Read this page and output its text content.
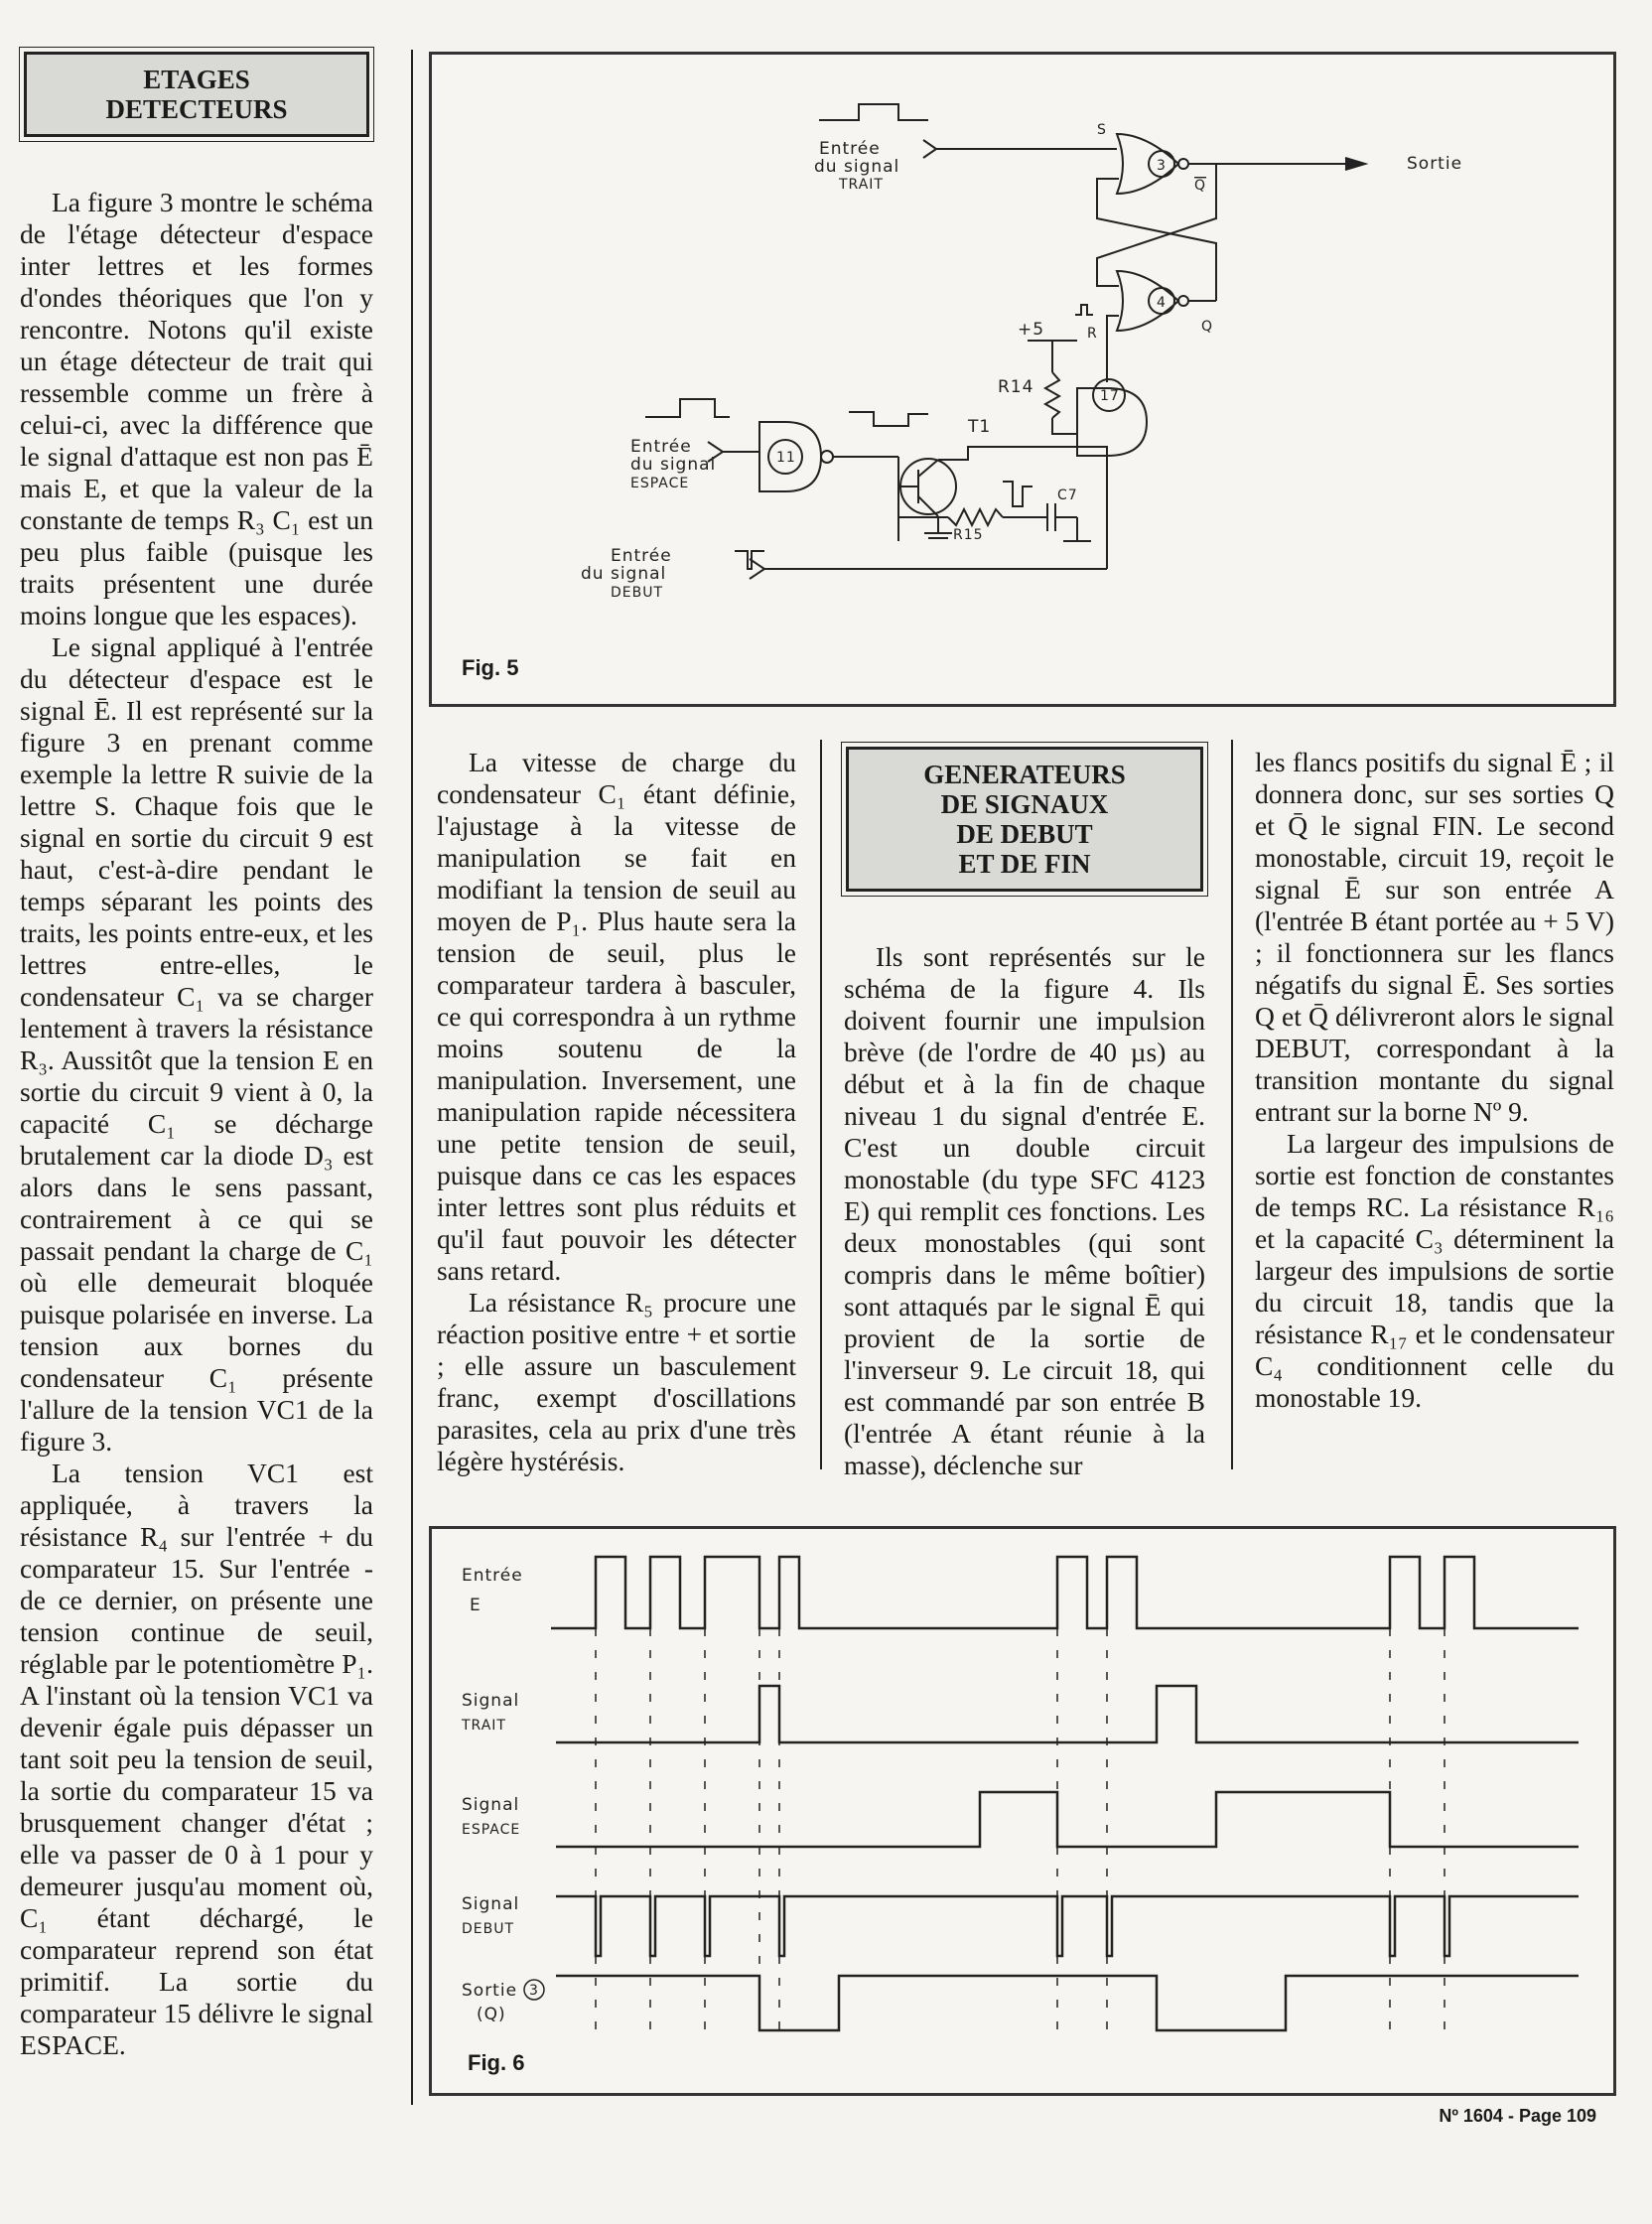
ETAGES
DETECTEURS

La figure 3 montre le schéma de l'étage détecteur d'espace inter lettres et les formes d'ondes théoriques que l'on y rencontre. Notons qu'il existe un étage détecteur de trait qui ressemble comme un frère à celui-ci, avec la différence que le signal d'attaque est non pas Ē mais E, et que la valeur de la constante de temps R₃ C₁ est un peu plus faible (puisque les traits présentent une durée moins longue que les espaces).

Le signal appliqué à l'entrée du détecteur d'espace est le signal Ē. Il est représenté sur la figure 3 en prenant comme exemple la lettre R suivie de la lettre S. Chaque fois que le signal en sortie du circuit 9 est haut, c'est-à-dire pendant le temps séparant les points des traits, les points entre-eux, et les lettres entre-elles, le condensateur C₁ va se charger lentement à travers la résistance R₃. Aussitôt que la tension E en sortie du circuit 9 vient à 0, la capacité C₁ se décharge brutalement car la diode D₃ est alors dans le sens passant, contrairement à ce qui se passait pendant la charge de C₁ où elle demeurait bloquée puisque polarisée en inverse. La tension aux bornes du condensateur C₁ présente l'allure de la tension VC1 de la figure 3.

La tension VC1 est appliquée, à travers la résistance R₄ sur l'entrée + du comparateur 15. Sur l'entrée - de ce dernier, on présente une tension continue de seuil, réglable par le potentiomètre P₁. A l'instant où la tension VC1 va devenir égale puis dépasser un tant soit peu la tension de seuil, la sortie du comparateur 15 va brusquement changer d'état ; elle va passer de 0 à 1 pour y demeurer jusqu'au moment où, C₁ étant déchargé, le comparateur reprend son état primitif. La sortie du comparateur 15 délivre le signal ESPACE.

Entrée
du signal
TRAIT
Sortie
S
3
Q
4
Q
R
+5
R14	17
T1
11
Entrée
du signal
ESPACE
R15
C7
Entrée
du signal
DEBUT
Fig. 5

La vitesse de charge du condensateur C₁ étant définie, l'ajustage à la vitesse de manipulation se fait en modifiant la tension de seuil au moyen de P₁. Plus haute sera la tension de seuil, plus le comparateur tardera à basculer, ce qui correspondra à un rythme moins soutenu de la manipulation. Inversement, une manipulation rapide nécessitera une petite tension de seuil, puisque dans ce cas les espaces inter lettres sont plus réduits et qu'il faut pouvoir les détecter sans retard.

La résistance R₅ procure une réaction positive entre + et sortie ; elle assure un basculement franc, exempt d'oscillations parasites, cela au prix d'une très légère hystérésis.

GENERATEURS
DE SIGNAUX
DE DEBUT
ET DE FIN

Ils sont représentés sur le schéma de la figure 4. Ils doivent fournir une impulsion brève (de l'ordre de 40 µs) au début et à la fin de chaque niveau 1 du signal d'entrée E. C'est un double circuit monostable (du type SFC 4123 E) qui remplit ces fonctions. Les deux monostables (qui sont compris dans le même boîtier) sont attaqués par le signal Ē qui provient de la sortie de l'inverseur 9. Le circuit 18, qui est commandé par son entrée B (l'entrée A étant réunie à la masse), déclenche sur

les flancs positifs du signal Ē ; il donnera donc, sur ses sorties Q et Q̄ le signal FIN. Le second monostable, circuit 19, reçoit le signal Ē sur son entrée A (l'entrée B étant portée au + 5 V) ; il fonctionnera sur les flancs négatifs du signal Ē. Ses sorties Q et Q̄ délivreront alors le signal DEBUT, correspondant à la transition montante du signal entrant sur la borne Nº 9.

La largeur des impulsions de sortie est fonction de constantes de temps RC. La résistance R₁₆ et la capacité C₃ déterminent la largeur des impulsions de sortie du circuit 18, tandis que la résistance R₁₇ et le condensateur C₄ conditionnent celle du monostable 19.

Entrée
E
Signal
TRAIT
Signal
ESPACE
Signal
DEBUT
Sortie 3
(Q)
Fig. 6
Nº 1604 - Page 109
